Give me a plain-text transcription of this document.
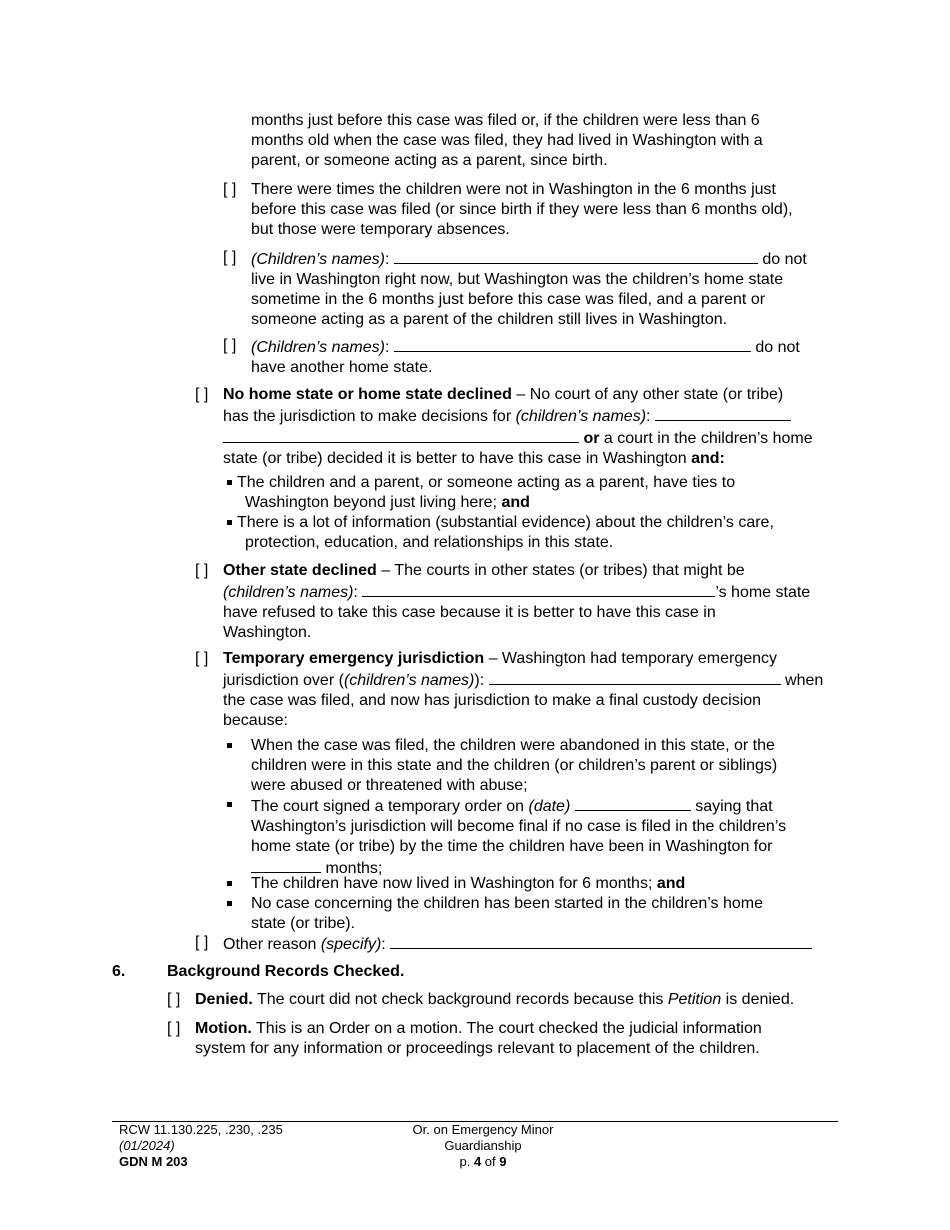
months just before this case was filed or, if the children were less than 6
months old when the case was filed, they had lived in Washington with a
parent, or someone acting as a parent, since birth.
[ ] There were times the children were not in Washington in the 6 months just
before this case was filed (or since birth if they were less than 6 months old),
but those were temporary absences.
[ ] (Children’s names):	do not
live in Washington right now, but Washington was the children’s home state
sometime in the 6 months just before this case was filed, and a parent or
someone acting as a parent of the children still lives in Washington.
[ ] (Children’s names):	do not
have another home state.
[ ] No home state or home state declined – No court of any other state (or tribe)
has the jurisdiction to make decisions for (children’s names):
or a court in the children’s home
state (or tribe) decided it is better to have this case in Washington and:
The children and a parent, or someone acting as a parent, have ties to
Washington beyond just living here; and
There is a lot of information (substantial evidence) about the children’s care,
protection, education, and relationships in this state.
[ ] Other state declined – The courts in other states (or tribes) that might be
(children’s names):	’s home state
have refused to take this case because it is better to have this case in
Washington.
[ ] Temporary emergency jurisdiction – Washington had temporary emergency
jurisdiction over ((children’s names)):	when
the case was filed, and now has jurisdiction to make a final custody decision
because:
When the case was filed, the children were abandoned in this state, or the
children were in this state and the children (or children’s parent or siblings)
were abused or threatened with abuse;
The court signed a temporary order on (date)	saying that
Washington’s jurisdiction will become final if no case is filed in the children’s
home state (or tribe) by the time the children have been in Washington for
months;
The children have now lived in Washington for 6 months; and
No case concerning the children has been started in the children’s home
state (or tribe).
[ ] Other reason (specify):
6.	Background Records Checked.
[ ] Denied. The court did not check background records because this Petition is denied.
[ ] Motion. This is an Order on a motion. The court checked the judicial information
system for any information or proceedings relevant to placement of the children.
RCW 11.130.225, .230, .235
(01/2024)
GDN M 203
Or. on Emergency Minor
Guardianship
p. 4 of 9
